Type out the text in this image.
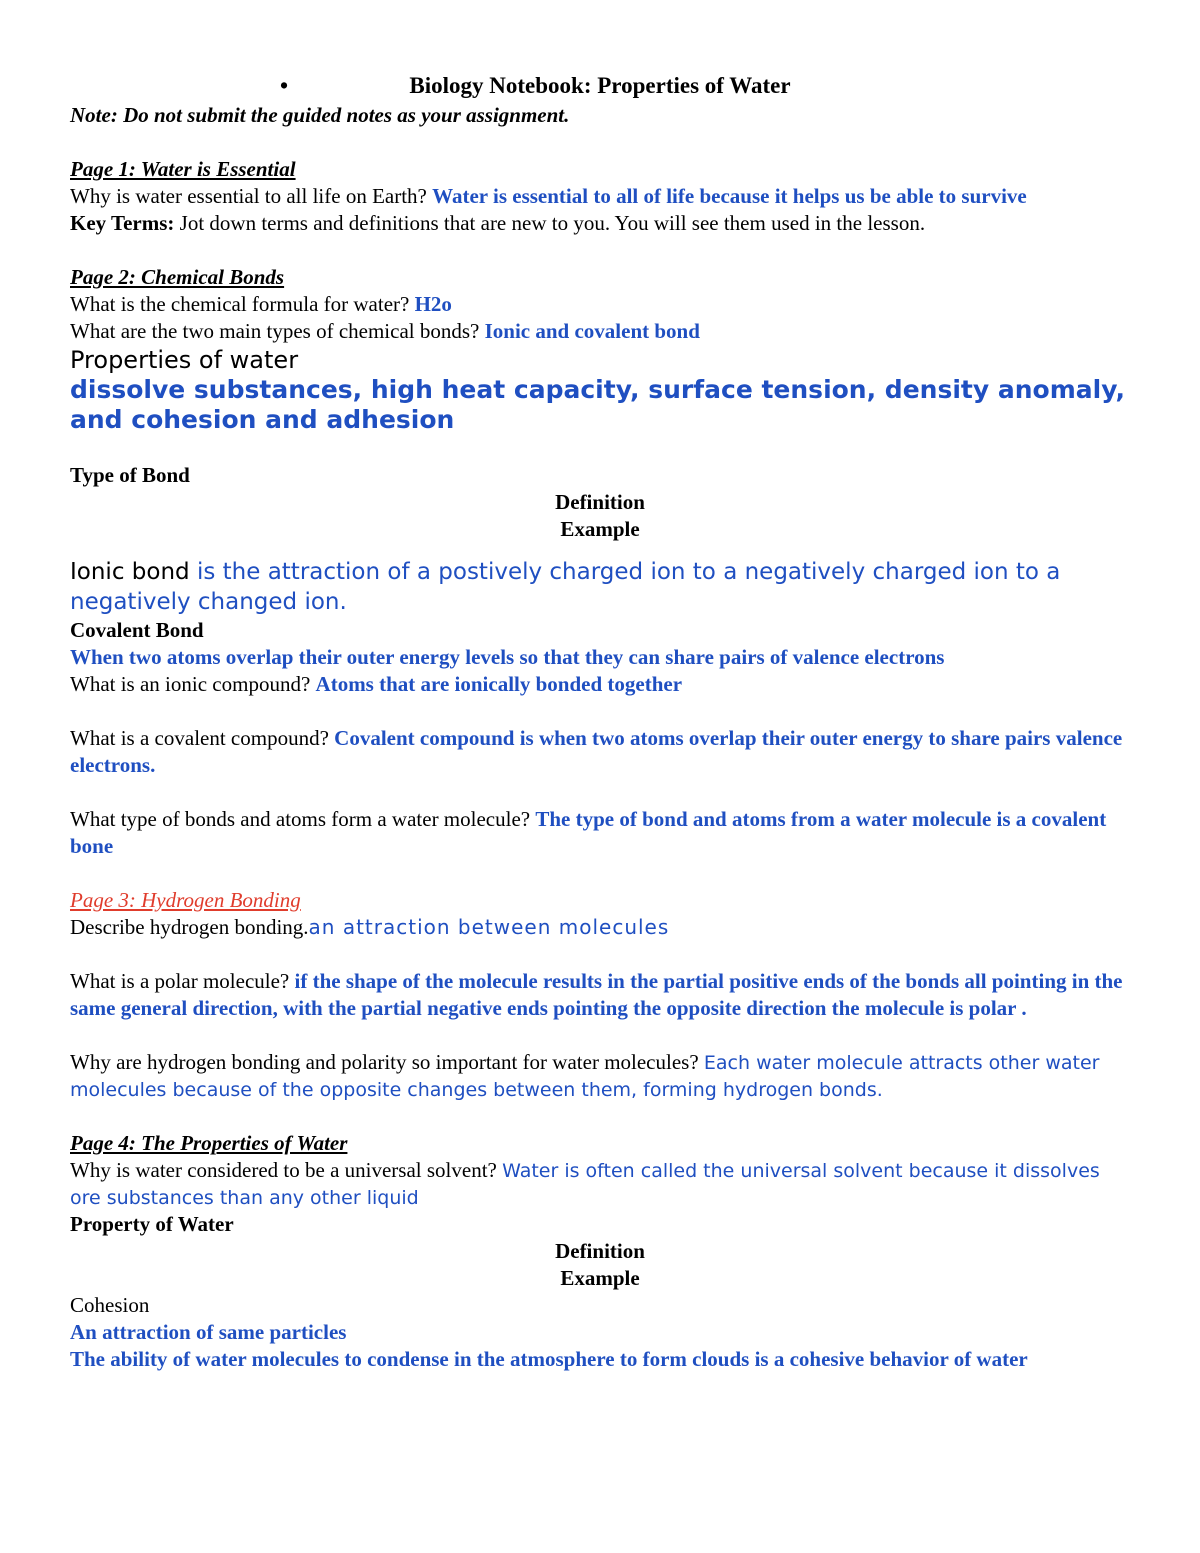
•	Biology Notebook: Properties of Water
Note: Do not submit the guided notes as your assignment.
Page 1: Water is Essential
Why is water essential to all life on Earth? Water is essential to all of life because it helps us be able to survive
Key Terms: Jot down terms and definitions that are new to you. You will see them used in the lesson.
Page 2: Chemical Bonds
What is the chemical formula for water? H2o
What are the two main types of chemical bonds? Ionic and covalent bond
Properties of water
dissolve substances, high heat capacity, surface tension, density anomaly, and cohesion and adhesion
Type of Bond
Definition
Example
Ionic bond is the attraction of a postively charged ion to a negatively charged ion to a negatively changed ion.
Covalent Bond
When two atoms overlap their outer energy levels so that they can share pairs of valence electrons
What is an ionic compound? Atoms that are ionically bonded together
What is a covalent compound? Covalent compound is when two atoms overlap their outer energy to share pairs valence electrons.
What type of bonds and atoms form a water molecule? The type of bond and atoms from a water molecule is a covalent bone
Page 3: Hydrogen Bonding
Describe hydrogen bonding.an attraction between molecules
What is a polar molecule? if the shape of the molecule results in the partial positive ends of the bonds all pointing in the same general direction, with the partial negative ends pointing the opposite direction the molecule is polar .
Why are hydrogen bonding and polarity so important for water molecules? Each water molecule attracts other water molecules because of the opposite changes between them, forming hydrogen bonds.
Page 4: The Properties of Water
Why is water considered to be a universal solvent? Water is often called the universal solvent because it dissolves ore substances than any other liquid
Property of Water
Definition
Example
Cohesion
An attraction of same particles
The ability of water molecules to condense in the atmosphere to form clouds is a cohesive behavior of water
